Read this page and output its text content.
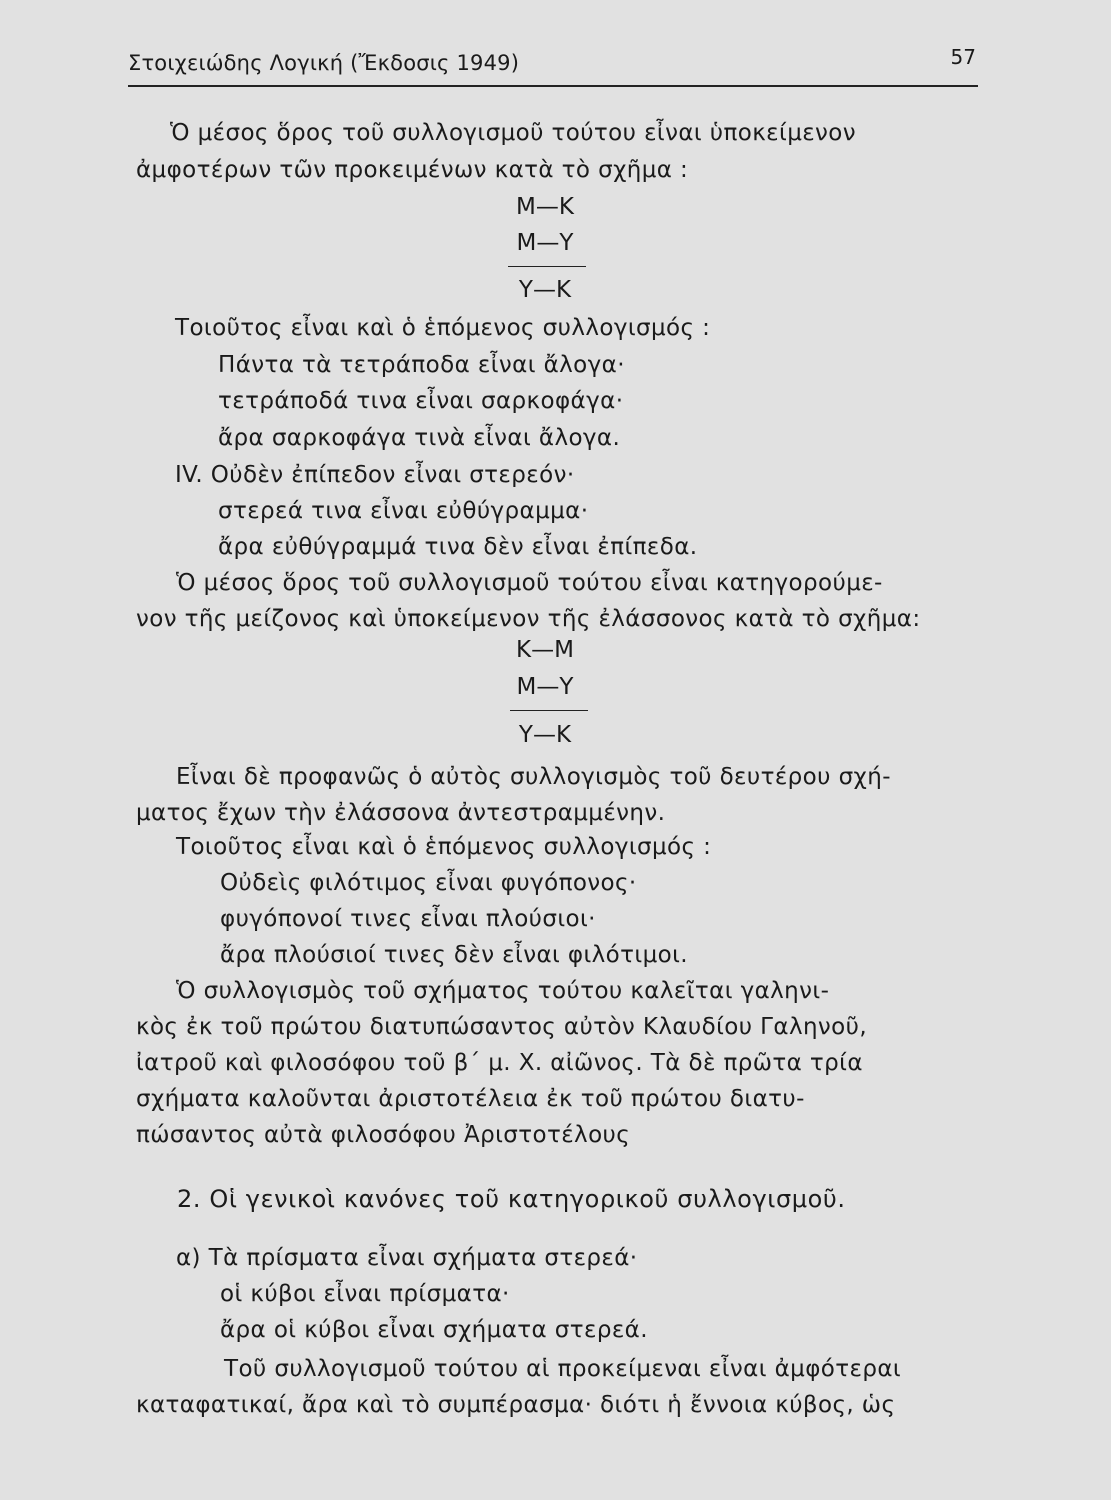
Στοιχειώδης Λογική (Ἔκδοσις 1949)	57
Ὁ μέσος ὅρος τοῦ συλλογισμοῦ τούτου εἶναι ὑποκείμενον
ἀμφοτέρων τῶν προκειμένων κατὰ τὸ σχῆμα :
M—K
M—Y
Y—K
Τοιοῦτος εἶναι καὶ ὁ ἑπόμενος συλλογισμός :
Πάντα τὰ τετράποδα εἶναι ἄλογα·
τετράποδά τινα εἶναι σαρκοφάγα·
ἄρα σαρκοφάγα τινὰ εἶναι ἄλογα.
IV. Οὐδὲν ἐπίπεδον εἶναι στερεόν·
στερεά τινα εἶναι εὐθύγραμμα·
ἄρα εὐθύγραμμά τινα δὲν εἶναι ἐπίπεδα.
Ὁ μέσος ὅρος τοῦ συλλογισμοῦ τούτου εἶναι κατηγορούμε-
νον τῆς μείζονος καὶ ὑποκείμενον τῆς ἐλάσσονος κατὰ τὸ σχῆμα:
K—M
M—Y
Y—K
Εἶναι δὲ προφανῶς ὁ αὐτὸς συλλογισμὸς τοῦ δευτέρου σχή-
ματος ἔχων τὴν ἐλάσσονα ἀντεστραμμένην.
Τοιοῦτος εἶναι καὶ ὁ ἑπόμενος συλλογισμός :
Οὐδεὶς φιλότιμος εἶναι φυγόπονος·
φυγόπονοί τινες εἶναι πλούσιοι·
ἄρα πλούσιοί τινες δὲν εἶναι φιλότιμοι.
Ὁ συλλογισμὸς τοῦ σχήματος τούτου καλεῖται γαληνι-
κὸς ἐκ τοῦ πρώτου διατυπώσαντος αὐτὸν Κλαυδίου Γαληνοῦ,
ἰατροῦ καὶ φιλοσόφου τοῦ β΄ μ. Χ. αἰῶνος. Τὰ δὲ πρῶτα τρία
σχήματα καλοῦνται ἀριστοτέλεια ἐκ τοῦ πρώτου διατυ-
πώσαντος αὐτὰ φιλοσόφου Ἀριστοτέλους
2. Οἱ γενικοὶ κανόνες τοῦ κατηγορικοῦ συλλογισμοῦ.
α) Τὰ πρίσματα εἶναι σχήματα στερεά·
οἱ κύβοι εἶναι πρίσματα·
ἄρα οἱ κύβοι εἶναι σχήματα στερεά.
Τοῦ συλλογισμοῦ τούτου αἱ προκείμεναι εἶναι ἀμφότεραι
καταφατικαί, ἄρα καὶ τὸ συμπέρασμα· διότι ἡ ἔννοια κύβος, ὡς
